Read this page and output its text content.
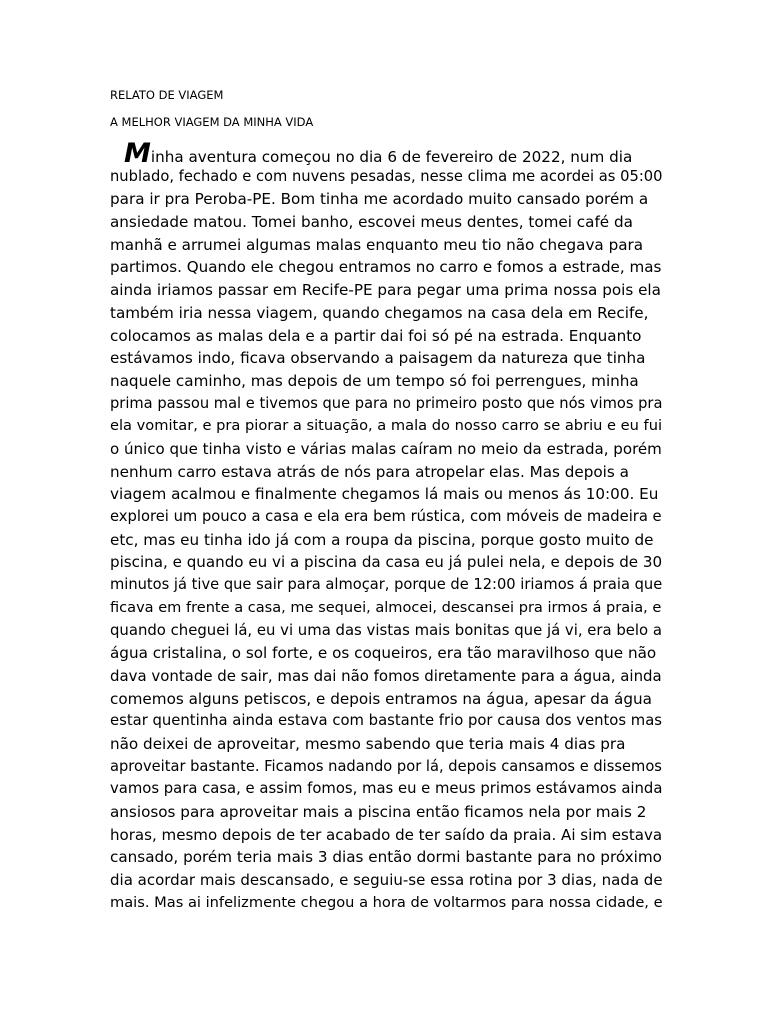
RELATO DE VIAGEM
A MELHOR VIAGEM DA MINHA VIDA
Minha aventura começou no dia 6 de fevereiro de 2022, num dia
nublado, fechado e com nuvens pesadas, nesse clima me acordei as 05:00
para ir pra Peroba-PE. Bom tinha me acordado muito cansado porém a
ansiedade matou. Tomei banho, escovei meus dentes, tomei café da
manhã e arrumei algumas malas enquanto meu tio não chegava para
partimos. Quando ele chegou entramos no carro e fomos a estrade, mas
ainda iriamos passar em Recife-PE para pegar uma prima nossa pois ela
também iria nessa viagem, quando chegamos na casa dela em Recife,
colocamos as malas dela e a partir dai foi só pé na estrada. Enquanto
estávamos indo, ficava observando a paisagem da natureza que tinha
naquele caminho, mas depois de um tempo só foi perrengues, minha
prima passou mal e tivemos que para no primeiro posto que nós vimos pra
ela vomitar, e pra piorar a situação, a mala do nosso carro se abriu e eu fui
o único que tinha visto e várias malas caíram no meio da estrada, porém
nenhum carro estava atrás de nós para atropelar elas. Mas depois a
viagem acalmou e finalmente chegamos lá mais ou menos ás 10:00. Eu
explorei um pouco a casa e ela era bem rústica, com móveis de madeira e
etc, mas eu tinha ido já com a roupa da piscina, porque gosto muito de
piscina, e quando eu vi a piscina da casa eu já pulei nela, e depois de 30
minutos já tive que sair para almoçar, porque de 12:00 iriamos á praia que
ficava em frente a casa, me sequei, almocei, descansei pra irmos á praia, e
quando cheguei lá, eu vi uma das vistas mais bonitas que já vi, era belo a
água cristalina, o sol forte, e os coqueiros, era tão maravilhoso que não
dava vontade de sair, mas dai não fomos diretamente para a água, ainda
comemos alguns petiscos, e depois entramos na água, apesar da água
estar quentinha ainda estava com bastante frio por causa dos ventos mas
não deixei de aproveitar, mesmo sabendo que teria mais 4 dias pra
aproveitar bastante. Ficamos nadando por lá, depois cansamos e dissemos
vamos para casa, e assim fomos, mas eu e meus primos estávamos ainda
ansiosos para aproveitar mais a piscina então ficamos nela por mais 2
horas, mesmo depois de ter acabado de ter saído da praia. Ai sim estava
cansado, porém teria mais 3 dias então dormi bastante para no próximo
dia acordar mais descansado, e seguiu-se essa rotina por 3 dias, nada de
mais. Mas ai infelizmente chegou a hora de voltarmos para nossa cidade, e
